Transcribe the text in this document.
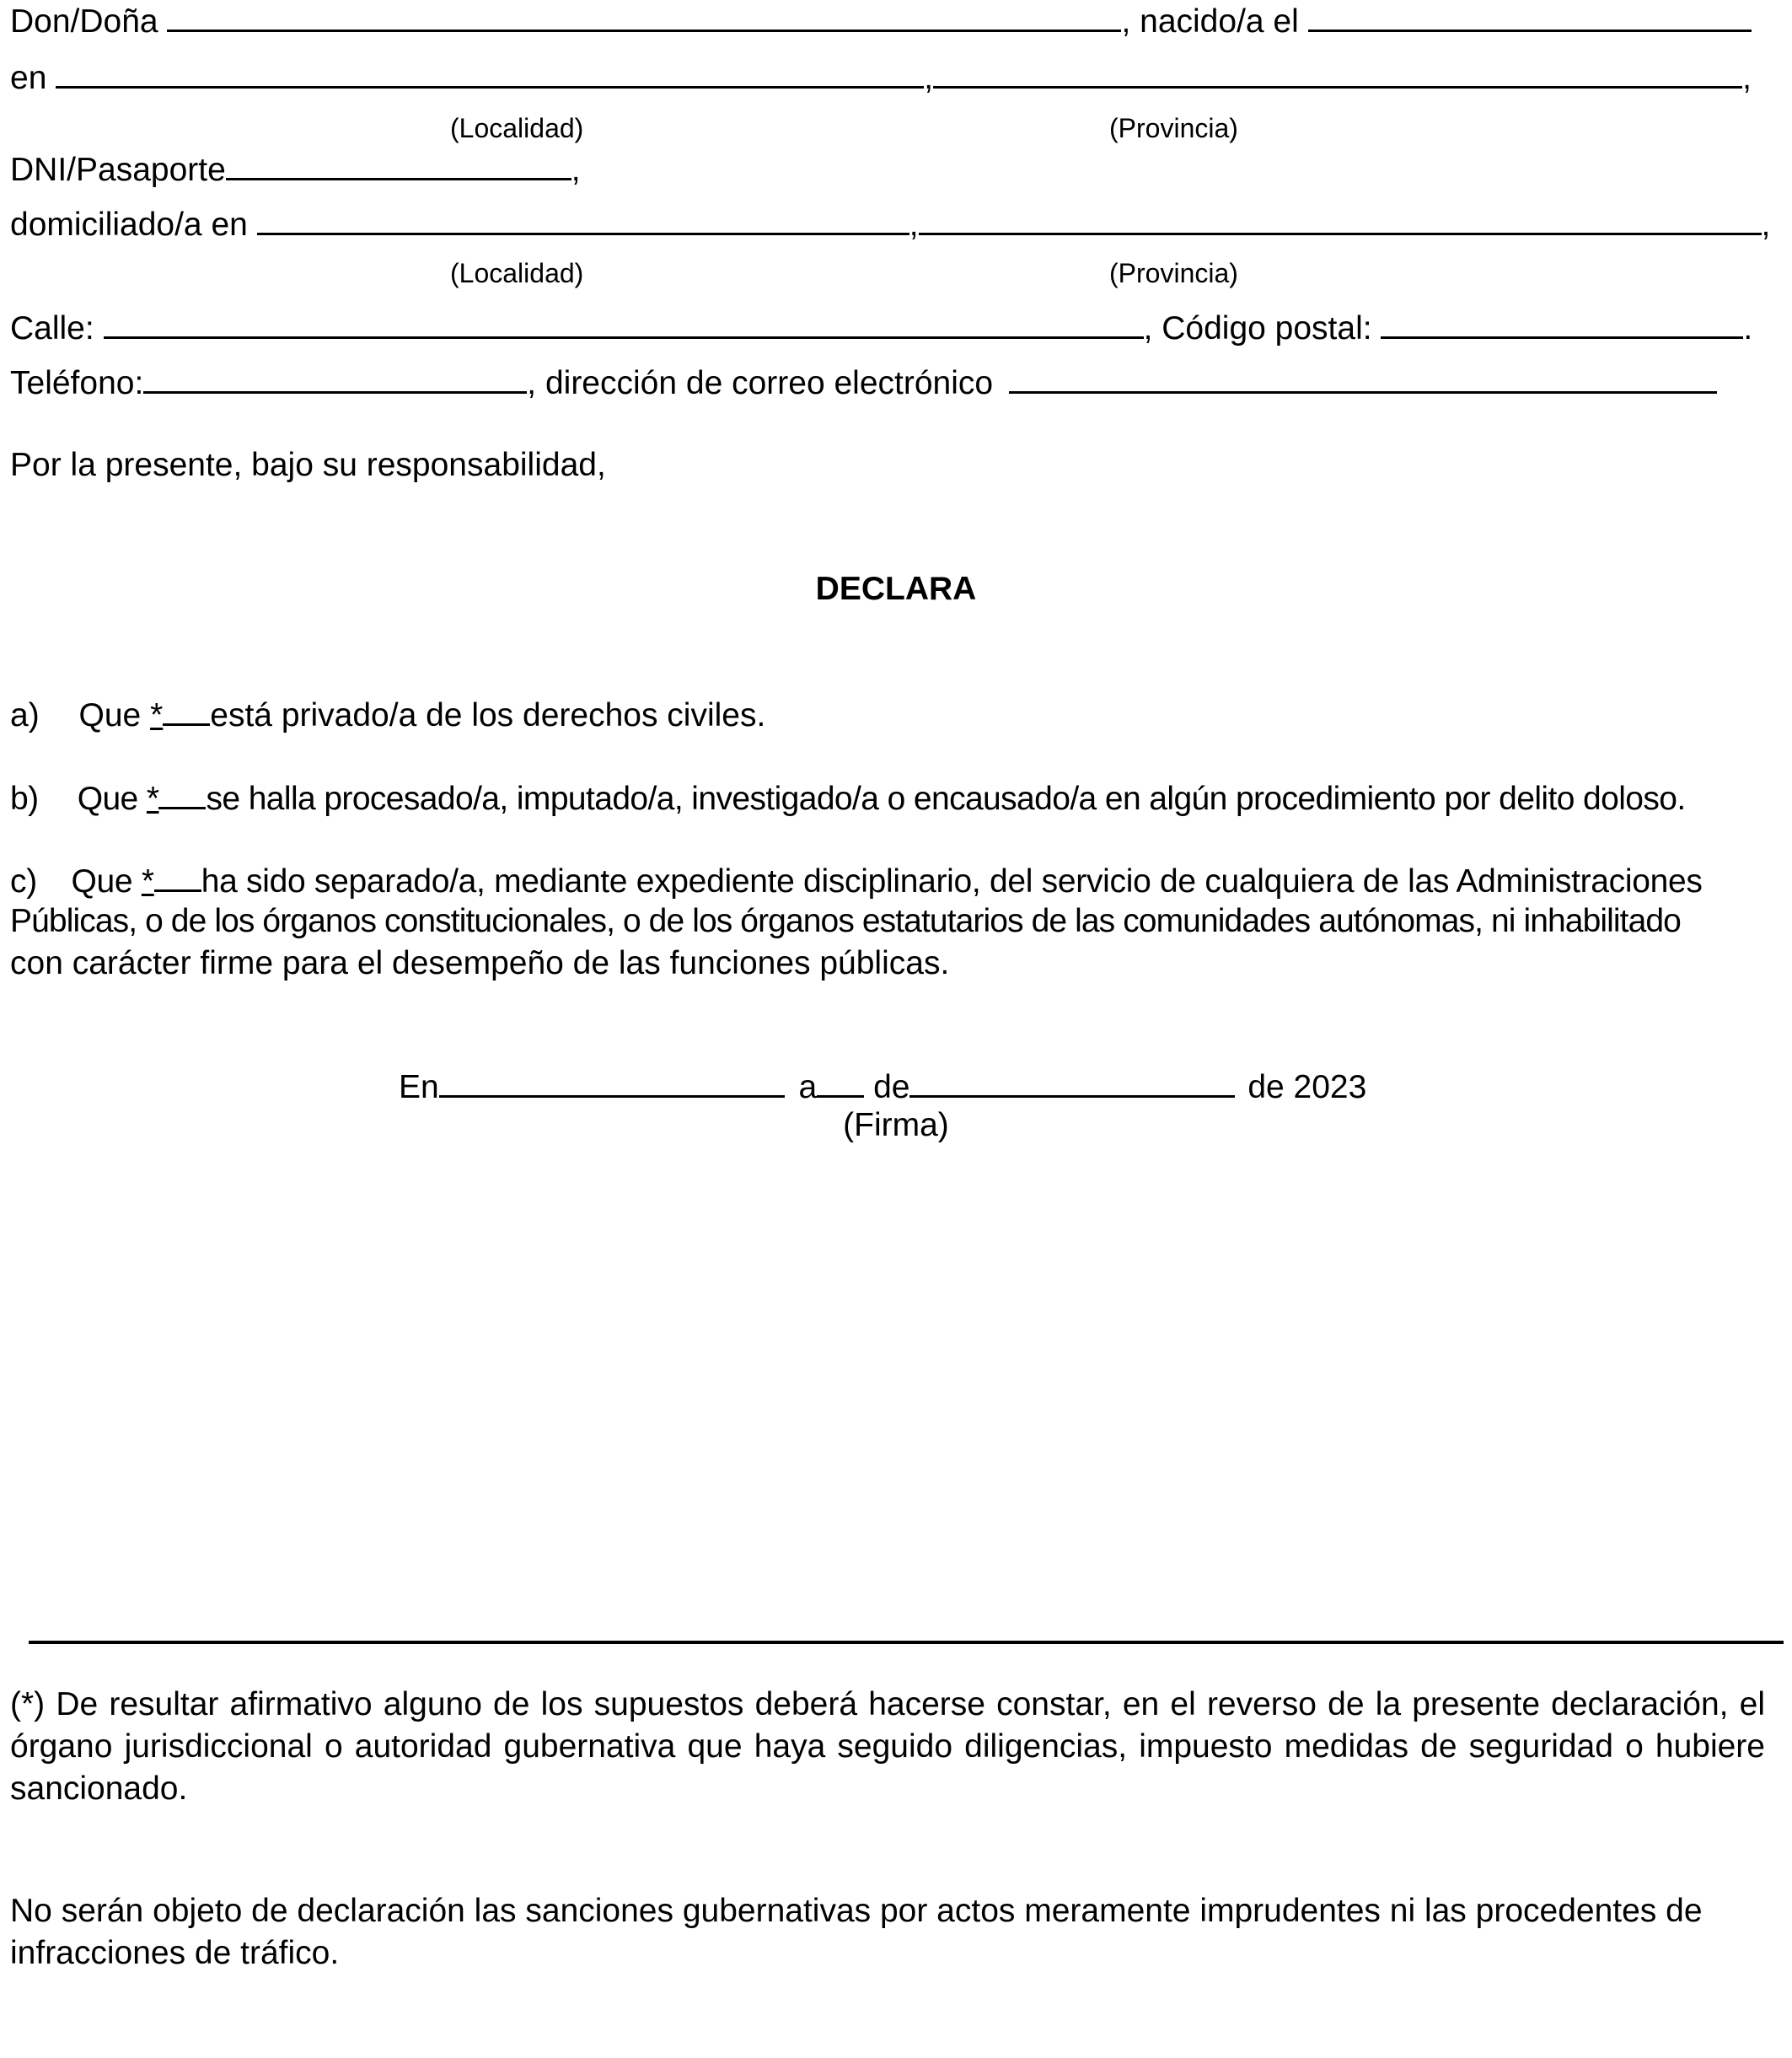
Don/Doña	, nacido/a el
en	,	,
(Localidad)	(Provincia)
DNI/Pasaporte	,
domiciliado/a en	,	,
(Localidad)	(Provincia)
Calle:	, Código postal:	.
Teléfono:	, dirección de correo electrónico
Por la presente, bajo su responsabilidad,
DECLARA
a) Que * está privado/a de los derechos civiles.
b) Que * se halla procesado/a, imputado/a, investigado/a o encausado/a en algún procedimiento por delito doloso.
c) Que * ha sido separado/a, mediante expediente disciplinario, del servicio de cualquiera de las Administraciones
Públicas, o de los órganos constitucionales, o de los órganos estatutarios de las comunidades autónomas, ni inhabilitado
con carácter firme para el desempeño de las funciones públicas.
En	a de	de 2023
(Firma)
(*) De resultar afirmativo alguno de los supuestos deberá hacerse constar, en el reverso de la presente declaración, el órgano jurisdiccional o autoridad gubernativa que haya seguido diligencias, impuesto medidas de seguridad o hubiere sancionado.
No serán objeto de declaración las sanciones gubernativas por actos meramente imprudentes ni las procedentes de infracciones de tráfico.
